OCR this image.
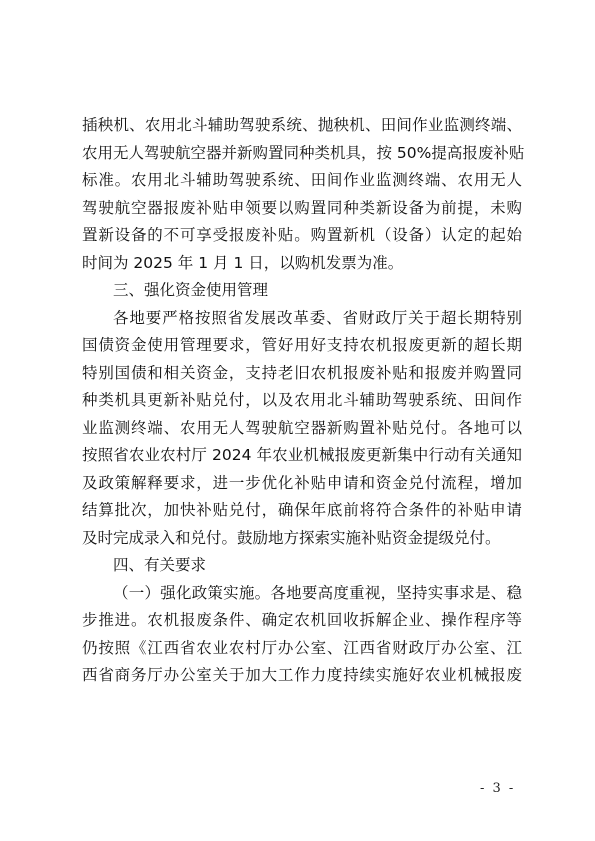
插秧机、农用北斗辅助驾驶系统、抛秧机、田间作业监测终端、
农用无人驾驶航空器并新购置同种类机具，按 50%提高报废补贴
标准。农用北斗辅助驾驶系统、田间作业监测终端、农用无人
驾驶航空器报废补贴申领要以购置同种类新设备为前提，未购
置新设备的不可享受报废补贴。购置新机（设备）认定的起始
时间为 2025 年 1 月 1 日，以购机发票为准。
三、强化资金使用管理
各地要严格按照省发展改革委、省财政厅关于超长期特别
国债资金使用管理要求，管好用好支持农机报废更新的超长期
特别国债和相关资金，支持老旧农机报废补贴和报废并购置同
种类机具更新补贴兑付，以及农用北斗辅助驾驶系统、田间作
业监测终端、农用无人驾驶航空器新购置补贴兑付。各地可以
按照省农业农村厅 2024 年农业机械报废更新集中行动有关通知
及政策解释要求，进一步优化补贴申请和资金兑付流程，增加
结算批次，加快补贴兑付，确保年底前将符合条件的补贴申请
及时完成录入和兑付。鼓励地方探索实施补贴资金提级兑付。
四、有关要求
（一）强化政策实施。各地要高度重视，坚持实事求是、稳
步推进。农机报废条件、确定农机回收拆解企业、操作程序等
仍按照《江西省农业农村厅办公室、江西省财政厅办公室、江
西省商务厅办公室关于加大工作力度持续实施好农业机械报废
- 3 -
